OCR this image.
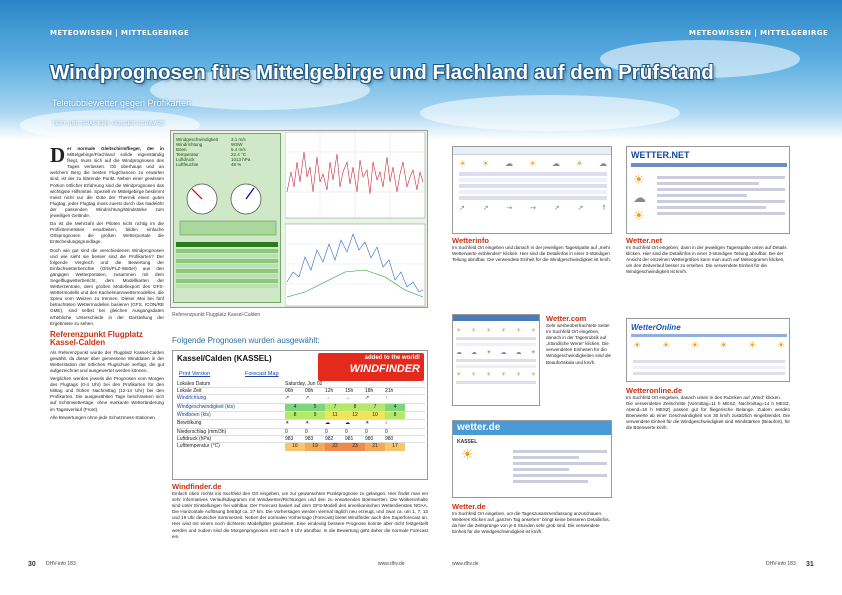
METEOWISSEN | MITTELGEBIRGE	METEOWISSEN | MITTELGEBIRGE
Windprognosen fürs Mittelgebirge und Flachland auf dem Prüfstand
Teletubbiewetter gegen Profikarten
TEXT UND GRAFIKEN: HOLGER SCHWARZ

Der normale Gleitschirmflieger, der in Mittelgebirge/Flachland solide eigenständig fliegt, muss sich auf die Windprognosen des Tages verlassen. Ob überhaupt und an welchem Berg die besten Flugchancen zu erwarten sind, ist der zu klärende Punkt. Neben einer gewissen Portion örtlicher Erfahrung sind die Windprognosen das wichtigste Hilfsmittel. Speziell im Mittelgebirge bestimmt meist nicht nur die Güte der Thermik einen guten Flugtag, jeder Flugtag muss zuerst durch das Nadelöhr der passenden Windrichtung/Windstärke zum jeweiligen Gelände.

Da ist die Mehrzahl der Piloten nicht richtig im die Profiinternetsites einarbeiten, bilden einfache Ortsprognosen die großen Wetterportale die Entscheidungsgrundlage.

Doch wie gut sind die verschiedenen Windprognosen und wie sieht sie besser sind die Profikarten? Der folgende Vergleich und die Bewertung der Einfachwetterberichte (Orts/PLZ-Wetter) aus den gängigen Wetterportalen, zusammen mit dem Segelflugwetterbericht, dem Modellkarten der Wetterzentrale, dem großen Modellexport des GFS-Wettermodells und den Kachelmannwettermodellen, die Spreu vom Weizen zu trennen. Dieser Mai bei fünf betrachteten Wettermodellen basieren (GFS, ICON/RE GME), sind selbst bei gleichen Ausgangsdaten erhebliche Unterschiede in der Darstellung der Ergebnisse zu sehen.

Referenzpunkt Flugplatz Kassel-Calden

Als Referenzpunkt wurde der Flugplatz Kassel-Calden gewählt, da dieser über gemessene Winddaten in der Wetterstation der örtlichen Flugschule verfügt, die gut aufgezeichnet und ausgewertet werden können.

Verglichen werden jeweils die Prognosen vom Morgen des Flugtags (0-4 Uhr) bei den Profikarten für den Mittag und frühen Nachmittag (12-14 Uhr) bei den Profikarten. Die ausgewählten Tage beschränken sich auf Schönwettertage, ohne markante Wetteränderung im Tagesverlauf (Front).

Alle Bewertungen ohne jede Schutzmess-Stationen.

Windgeschwindigkeit	3.1 m/s
Windrichtung	WSW
Böen	5.4 m/s
Temperatur	22.4 °C
Luftdruck	1013 hPa
Luftfeuchte	48 %
Referenzpunkt Flugplatz Kassel-Calden
Folgende Prognosen wurden ausgewählt:
Kassel/Calden (KASSEL)	added to the world!
WINDFINDER
Print Version	Forecast Map
Lokales Datum	Saturday, Jun 02
Lokale Zeit	06h	09h	12h	15h	18h	21h
Windrichtung	↗	↗	→	→	↗	↑
Windgeschwindigkeit (kts)	4	5	7	8	7	4
Windböen (kts)	8	9	11	12	10	8
Bewölkung	☀	☀	☁	☁	☀	☾
Niederschlag (mm/3h)	0	0	0	0	0	0
Luftdruck (hPa)	983	983	982	981	980	980
Lufttemperatur (°C)	16	19	22	23	21	17
Windfinder.de
Einfach oben rechts ins Suchfeld den Ort eingeben, um zur gewünschten Punktprognose zu gelangen. Hier findet man ein sehr informatives Verlaufsdiagramm mit Windwerten/Richtungen und den zu erwartenden Böenwerten. Die Wolkeninhalte sind unter Einstellungen frei wählbar. Der Forecast basiert auf dem GFS-Modell des amerikanischen Wetterdienstes NOAA. Die Horizontale Auflösung beträgt ca. 27 km. Die Vorhersagen werden viermal täglich neu erzeugt, und zwar ca. um 1, 7, 13 und 19 Uhr deutscher Sommerzeit. Neben der normalen Vorhersage (Forecast) bietet Windfinder auch den Superforecast an. Hier wird mit einem noch dichteren Modellgitter gearbeitet. Eine eindeutig bessere Prognose konnte aber nicht festgestellt werden und zudem sind die Morgenprognosen erst nach 9 Uhr abrufbar. In die Bewertung geht daher die normale Forecast ein.
☀ ☀ ☁ ☀ ☁ ☀ ☁
↗	↗	→	→	↗	↗	↑
Wetterinfo
Im Suchfeld Ort eingeben und danach in der jeweiligen Tagesspalte auf „mehr Wetterwerte einblenden“ klicken. Hier sind die Detailinfos in einer 3-stündigen Teilung abrufbar. Die verwendete Einheit für die Windgeschwindigkeit ist km/h.
WETTER.NET
☀
☁
☀
Wetter.net
Im Suchfeld Ort eingeben, dann in der jeweiligen Tagesspalte unten auf Details klicken. Hier sind die Detailinfos in einer 3-stündigen Teilung abrufbar. Bei der Ansicht der einzelnen Wettergrößen kann man auch auf Meteogramm klicken, um den Zeitverlauf besser zu ersehen. Die verwendete Einheit für die Windgeschwindigkeit ist km/h.
☀ ☀ ☀ ☀ ☀ ☀
☁ ☁ ☀ ☁ ☁ ☀
☀ ☀ ☀ ☀ ☀ ☀
Wetter.com
Sehr werbeüberfrachtete Seite! Im Suchfeld Ort eingeben, danach in der Tagesrubrik auf „Stündliche Werte“ klicken. Die verwendeten Einheiten für die Windgeschwindigkeiten sind die Beaufortskala und km/h.
WetterOnline
☀ ☀ ☀ ☀ ☀ ☀
Wetteronline.de
Im Suchfeld Ort eingeben, danach unten in den Rubriken auf „Wind“ klicken.
Die verwendeten Zeitschritte (Vormittag=11 h MESZ, Nachmittag=14 h MESZ, Abend=18 h MESZ) passen gut für fliegerische Belange. Zudem werden Böenwerte ab einer Geschwindigkeit von 30 km/h zusätzlich eingeblendet. Die verwendete Einheit für die Windgeschwindigkeit sind Windstärken (Beaufort), für die Böenwerte km/h.
wetter.de
KASSEL
☀
Wetter.de
Im Suchfeld Ort eingeben, um die Tageszusammenfassung anzuschauen. Weiteres Klicken auf „ganzen Tag ansehen“ bringt keine besseren Detailinfos, da hier die Zeitsprünge von je 6 Stunden sehr grob sind. Die verwendete Einheit für die Windgeschwindigkeit ist km/h.
30 DHV-info 183	www.dhv.de	www.dhv.de	DHV-info 183 31
